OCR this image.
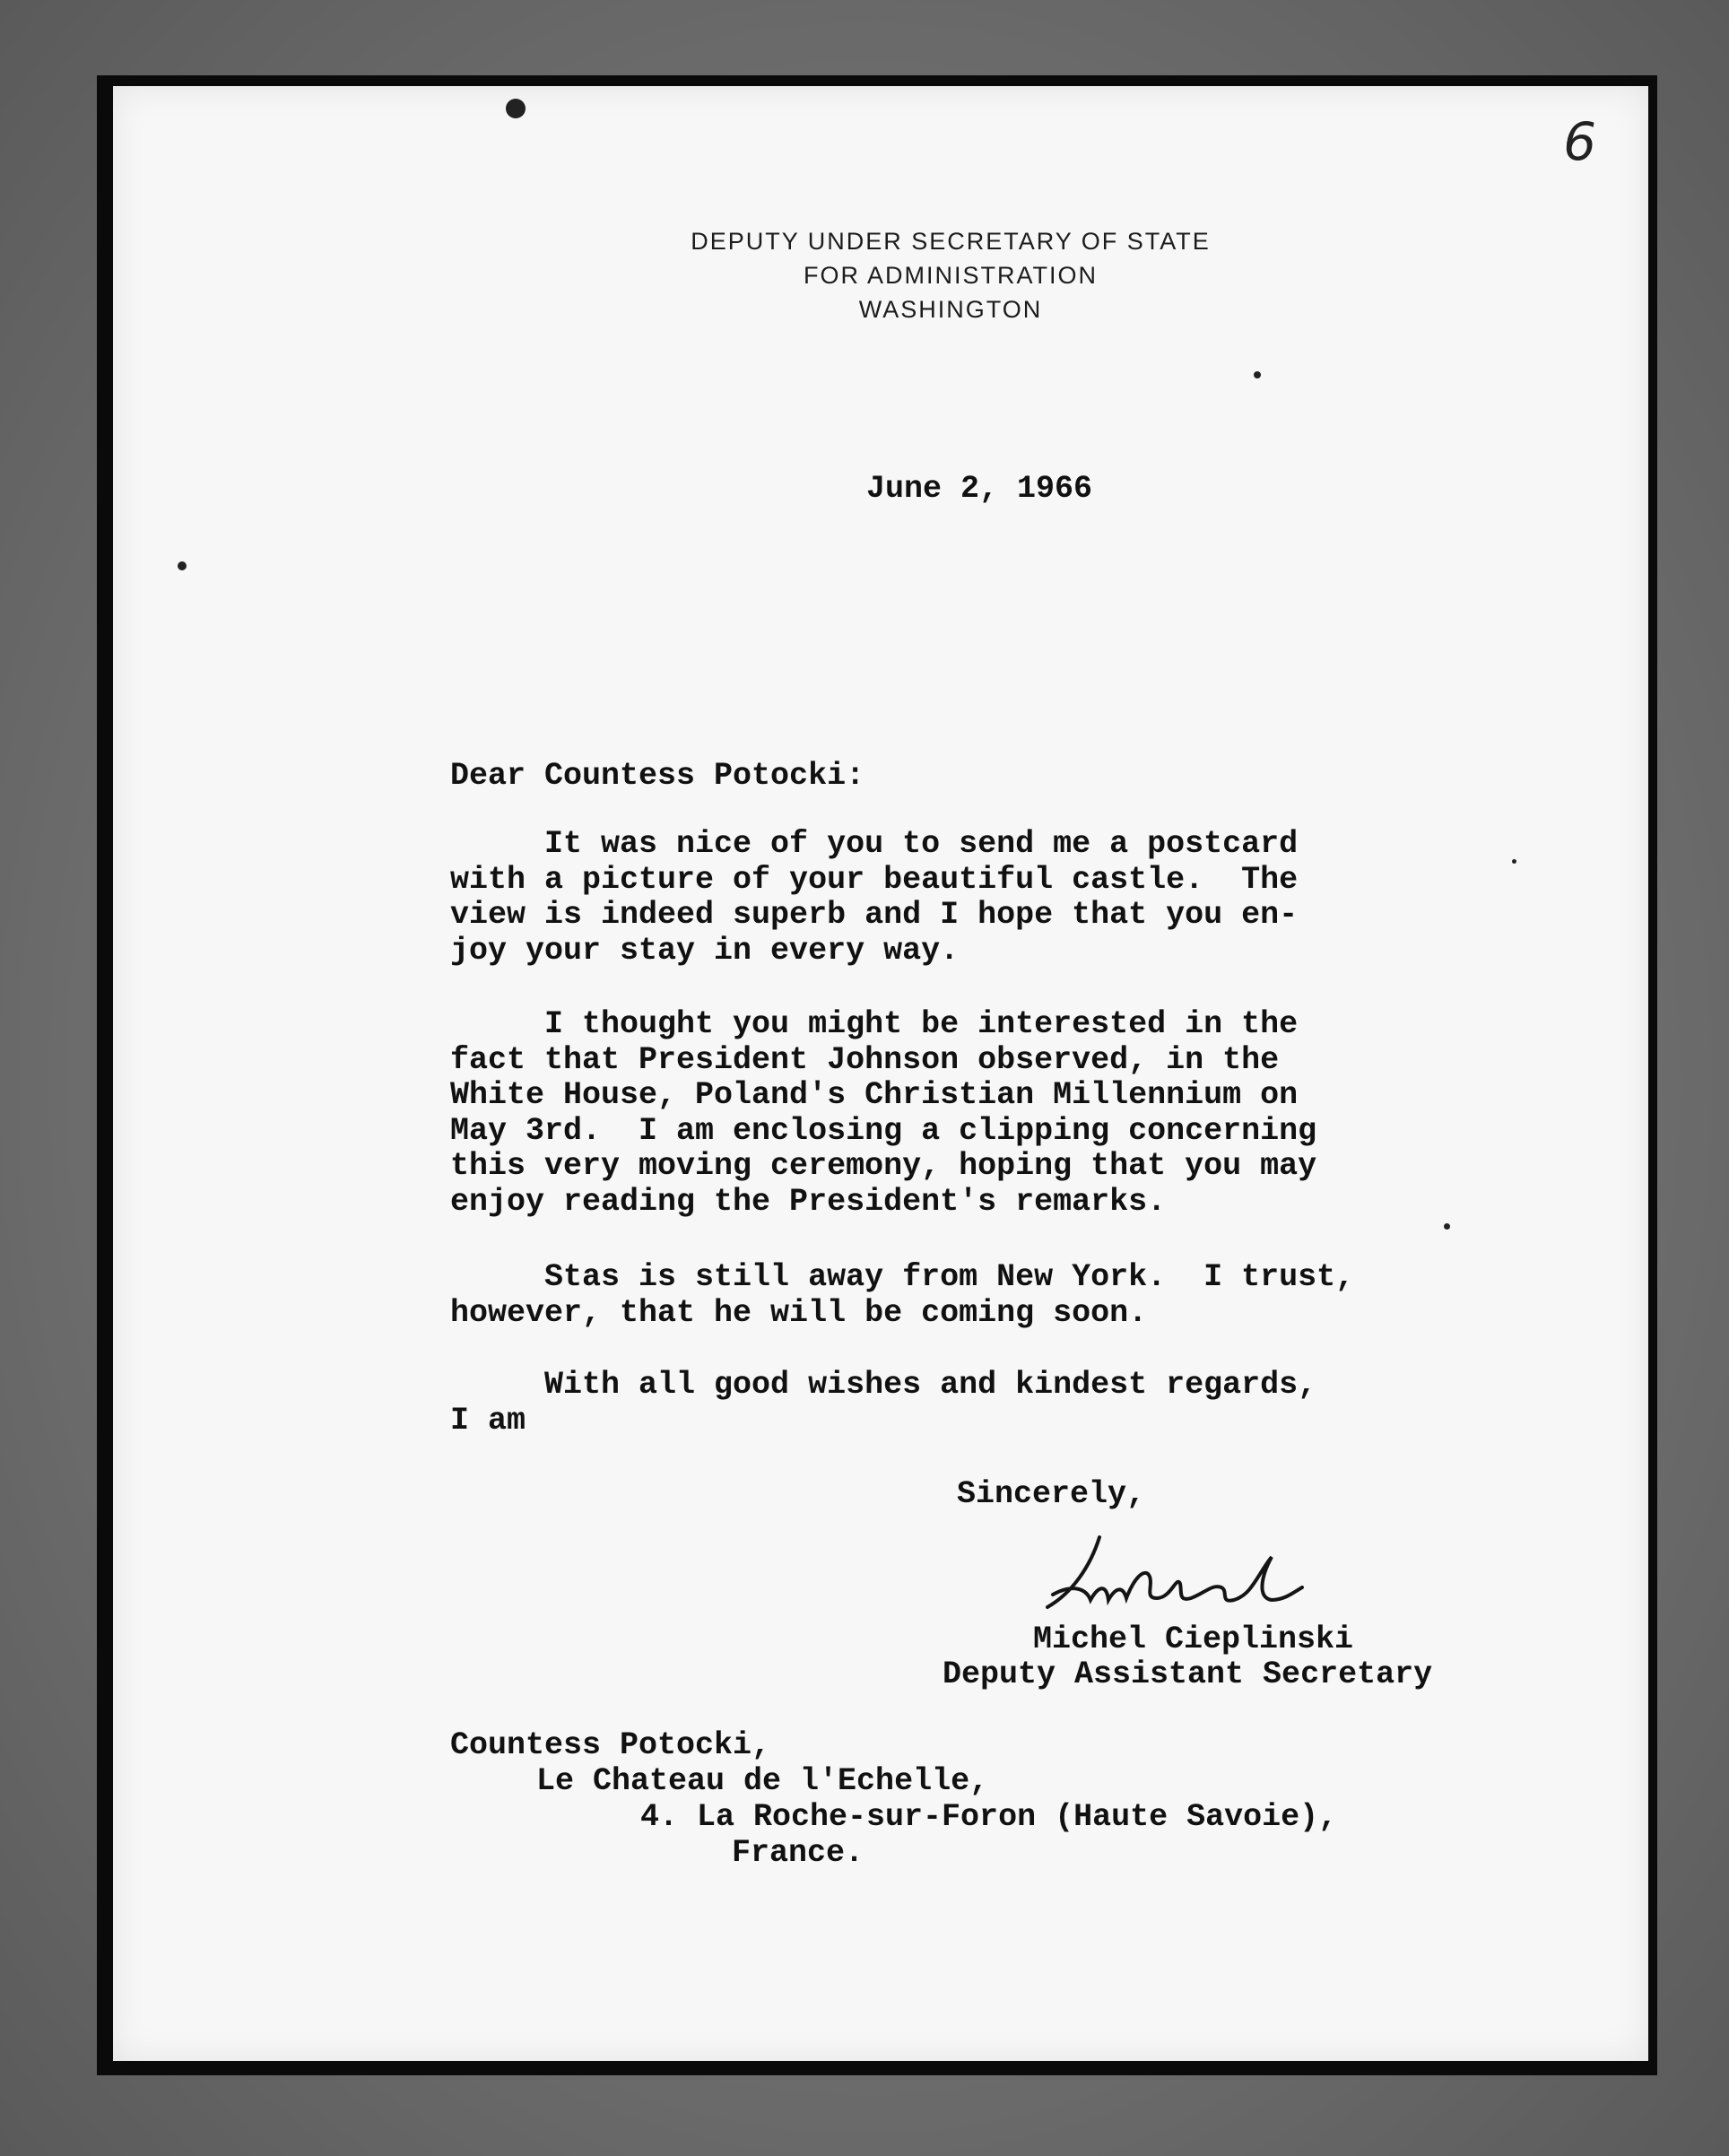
6
DEPUTY UNDER SECRETARY OF STATE
FOR ADMINISTRATION
WASHINGTON
June 2, 1966
Dear Countess Potocki:
It was nice of you to send me a postcard
with a picture of your beautiful castle.  The
view is indeed superb and I hope that you en-
joy your stay in every way.
I thought you might be interested in the
fact that President Johnson observed, in the
White House, Poland's Christian Millennium on
May 3rd.  I am enclosing a clipping concerning
this very moving ceremony, hoping that you may
enjoy reading the President's remarks.
Stas is still away from New York.  I trust,
however, that he will be coming soon.
With all good wishes and kindest regards,
I am
Sincerely,
Michel Cieplinski
Deputy Assistant Secretary
Countess Potocki,
Le Chateau de l'Echelle,
4. La Roche-sur-Foron (Haute Savoie),
France.
